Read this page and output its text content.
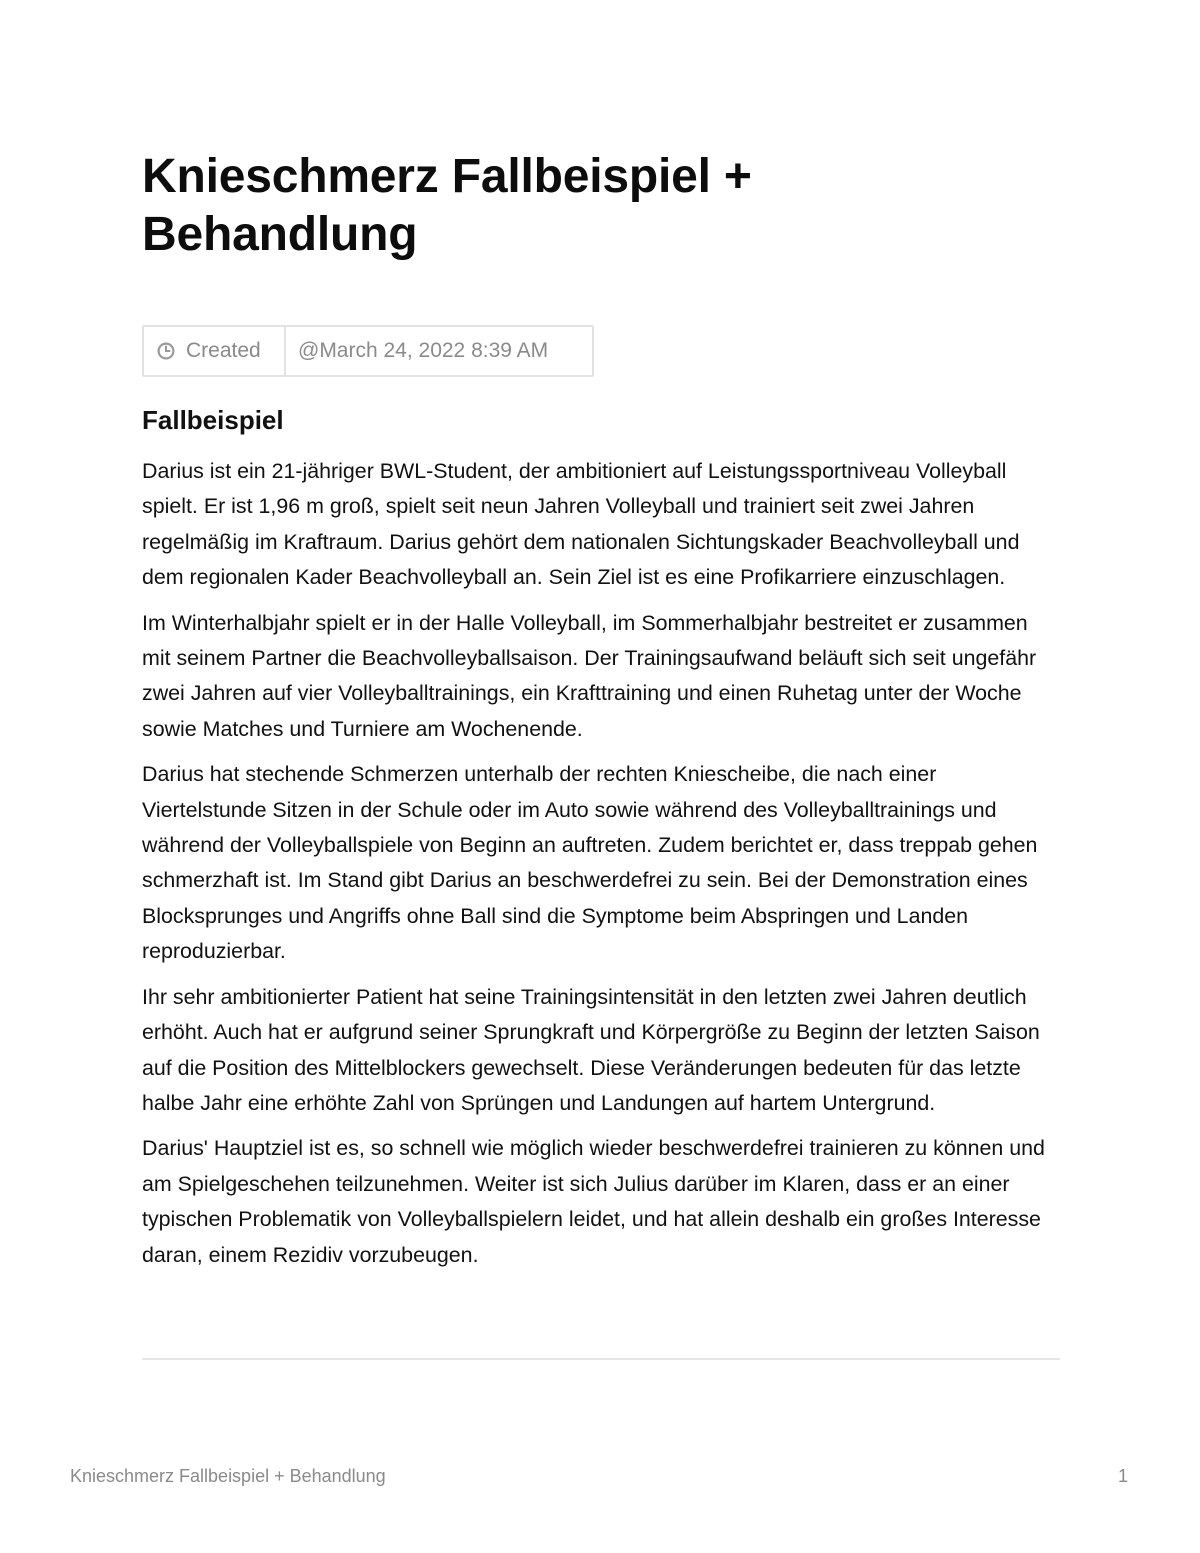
Knieschmerz Fallbeispiel +
Behandlung
Created	@March 24, 2022 8:39 AM
Fallbeispiel

Darius ist ein 21-jähriger BWL-Student, der ambitioniert auf Leistungssportniveau Volleyball spielt. Er ist 1,96 m groß, spielt seit neun Jahren Volleyball und trainiert seit zwei Jahren regelmäßig im Kraftraum. Darius gehört dem nationalen Sichtungskader Beachvolleyball und dem regionalen Kader Beachvolleyball an. Sein Ziel ist es eine Profikarriere einzuschlagen.

Im Winterhalbjahr spielt er in der Halle Volleyball, im Sommerhalbjahr bestreitet er zusammen mit seinem Partner die Beachvolleyballsaison. Der Trainingsaufwand beläuft sich seit ungefähr zwei Jahren auf vier Volleyballtrainings, ein Krafttraining und einen Ruhetag unter der Woche sowie Matches und Turniere am Wochenende.

Darius hat stechende Schmerzen unterhalb der rechten Kniescheibe, die nach einer Viertelstunde Sitzen in der Schule oder im Auto sowie während des Volleyballtrainings und während der Volleyballspiele von Beginn an auftreten. Zudem berichtet er, dass treppab gehen schmerzhaft ist. Im Stand gibt Darius an beschwerdefrei zu sein. Bei der Demonstration eines Blocksprunges und Angriffs ohne Ball sind die Symptome beim Abspringen und Landen reproduzierbar.

Ihr sehr ambitionierter Patient hat seine Trainingsintensität in den letzten zwei Jahren deutlich erhöht. Auch hat er aufgrund seiner Sprungkraft und Körpergröße zu Beginn der letzten Saison auf die Position des Mittelblockers gewechselt. Diese Veränderungen bedeuten für das letzte halbe Jahr eine erhöhte Zahl von Sprüngen und Landungen auf hartem Untergrund.

Darius' Hauptziel ist es, so schnell wie möglich wieder beschwerdefrei trainieren zu können und am Spielgeschehen teilzunehmen. Weiter ist sich Julius darüber im Klaren, dass er an einer typischen Problematik von Volleyballspielern leidet, und hat allein deshalb ein großes Interesse daran, einem Rezidiv vorzubeugen.

Knieschmerz Fallbeispiel + Behandlung	1
